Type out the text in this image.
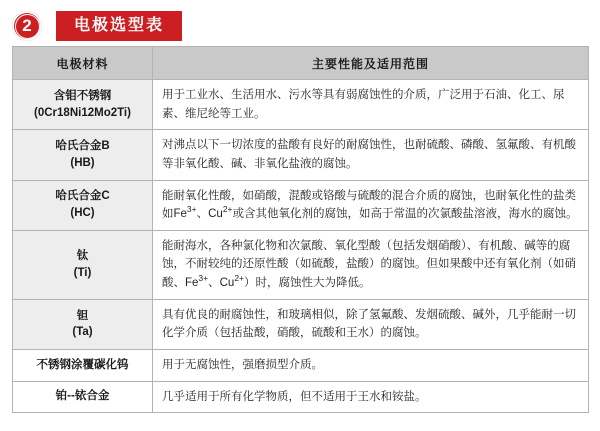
2	电极选型表
电极材料	主要性能及适用范围

含钼不锈钢
(0Cr18Ni12Mo2Ti)	用于工业水、生活用水、污水等具有弱腐蚀性的介质，广泛用于石油、化工、尿素、维尼纶等工业。

哈氏合金B
(HB)	对沸点以下一切浓度的盐酸有良好的耐腐蚀性，也耐硫酸、磷酸、氢氟酸、有机酸等非氧化酸、碱、非氧化盐液的腐蚀。

哈氏合金C
(HC)	能耐氧化性酸，如硝酸，混酸或铬酸与硫酸的混合介质的腐蚀，也耐氧化性的盐类如$Fe^{3+}$、$Cu^{2+}$或含其他氧化剂的腐蚀，如高于常温的次氯酸盐溶液，海水的腐蚀。

钛
(Ti)	能耐海水，各种氯化物和次氯酸、氧化型酸（包括发烟硝酸）、有机酸、碱等的腐蚀，不耐较纯的还原性酸（如硫酸，盐酸）的腐蚀。但如果酸中还有氧化剂（如硝酸、$Fe^{3+}$、$Cu^{2+}$）时，腐蚀性大为降低。

钽
(Ta)	具有优良的耐腐蚀性，和玻璃相似，除了氢氟酸、发烟硫酸、碱外，几乎能耐一切化学介质（包括盐酸，硝酸，硫酸和王水）的腐蚀。

不锈钢涂覆碳化钨	用于无腐蚀性，强磨损型介质。

铂--铱合金	几乎适用于所有化学物质，但不适用于王水和铵盐。
